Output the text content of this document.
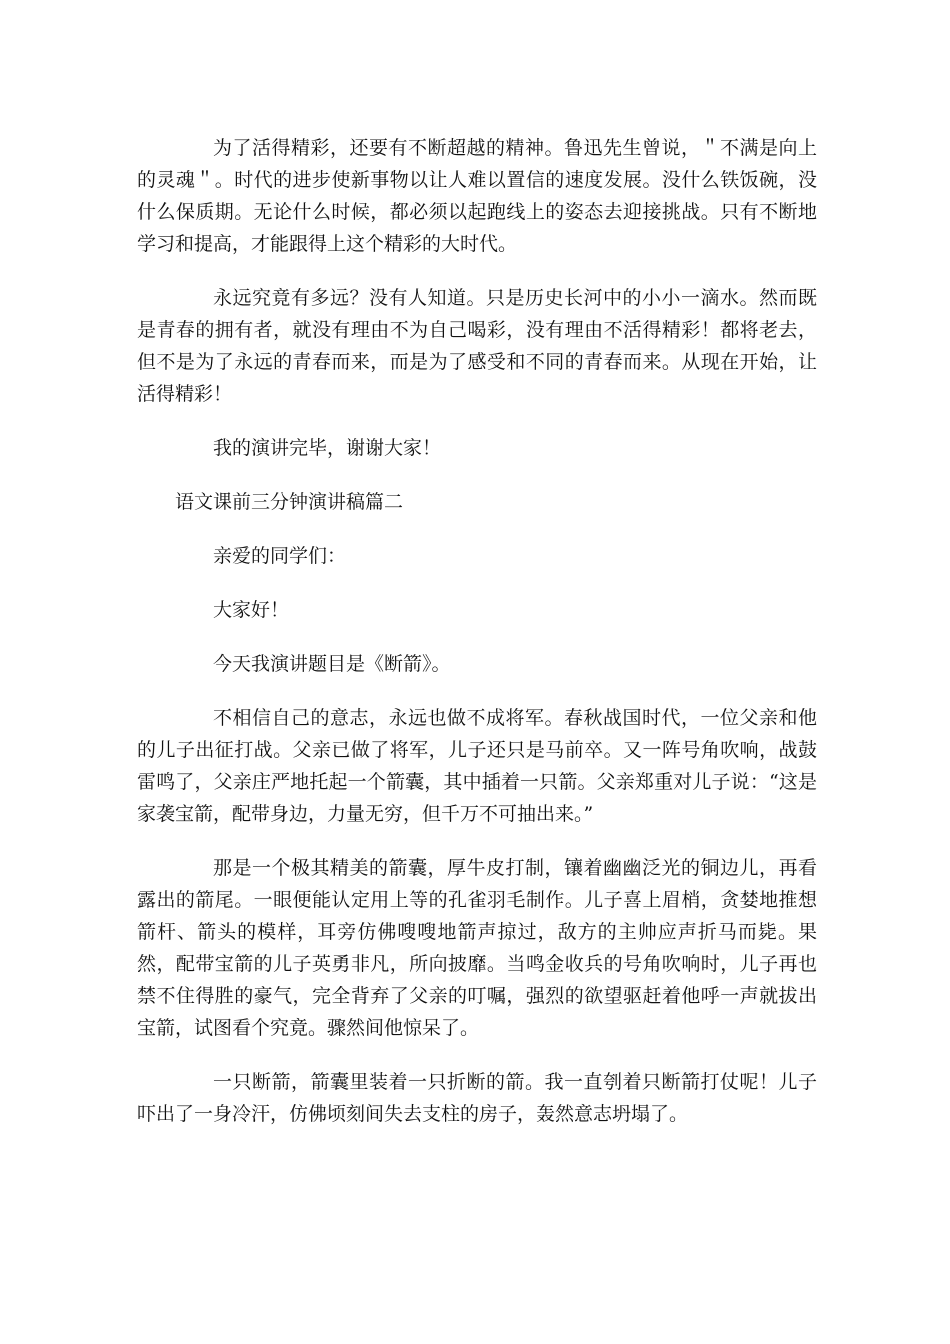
为了活得精彩，还要有不断超越的精神。鲁迅先生曾说，＂不满是向上的灵魂＂。时代的进步使新事物以让人难以置信的速度发展。没什么铁饭碗，没什么保质期。无论什么时候，都必须以起跑线上的姿态去迎接挑战。只有不断地学习和提高，才能跟得上这个精彩的大时代。

永远究竟有多远？没有人知道。只是历史长河中的小小一滴水。然而既是青春的拥有者，就没有理由不为自己喝彩，没有理由不活得精彩！都将老去，但不是为了永远的青春而来，而是为了感受和不同的青春而来。从现在开始，让活得精彩！

我的演讲完毕，谢谢大家！

语文课前三分钟演讲稿篇二

亲爱的同学们：

大家好！

今天我演讲题目是《断箭》。

不相信自己的意志，永远也做不成将军。春秋战国时代，一位父亲和他的儿子出征打战。父亲已做了将军，儿子还只是马前卒。又一阵号角吹响，战鼓雷鸣了，父亲庄严地托起一个箭囊，其中插着一只箭。父亲郑重对儿子说：“这是家袭宝箭，配带身边，力量无穷，但千万不可抽出来。”

那是一个极其精美的箭囊，厚牛皮打制，镶着幽幽泛光的铜边儿，再看露出的箭尾。一眼便能认定用上等的孔雀羽毛制作。儿子喜上眉梢，贪婪地推想箭杆、箭头的模样，耳旁仿佛嗖嗖地箭声掠过，敌方的主帅应声折马而毙。果然，配带宝箭的儿子英勇非凡，所向披靡。当鸣金收兵的号角吹响时，儿子再也禁不住得胜的豪气，完全背弃了父亲的叮嘱，强烈的欲望驱赶着他呼一声就拔出宝箭，试图看个究竟。骤然间他惊呆了。

一只断箭，箭囊里装着一只折断的箭。我一直刳着只断箭打仗呢！儿子吓出了一身冷汗，仿佛顷刻间失去支柱的房子，轰然意志坍塌了。
